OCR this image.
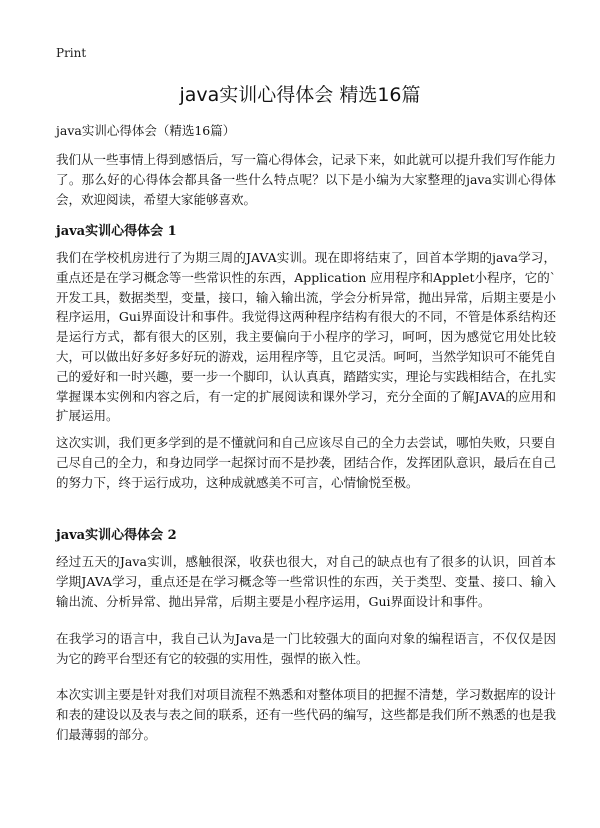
Print
java实训心得体会 精选16篇
java实训心得体会（精选16篇）

我们从一些事情上得到感悟后，写一篇心得体会，记录下来，如此就可以提升我们写作能力了。那么好的心得体会都具备一些什么特点呢？以下是小编为大家整理的java实训心得体会，欢迎阅读，希望大家能够喜欢。

java实训心得体会 1

我们在学校机房进行了为期三周的JAVA实训。现在即将结束了，回首本学期的java学习，重点还是在学习概念等一些常识性的东西，Application 应用程序和Applet小程序，它的`开发工具，数据类型，变量，接口，输入输出流，学会分析异常，抛出异常，后期主要是小程序运用，Gui界面设计和事件。我觉得这两种程序结构有很大的不同，不管是体系结构还是运行方式，都有很大的区别，我主要偏向于小程序的学习，呵呵，因为感觉它用处比较大，可以做出好多好多好玩的游戏，运用程序等，且它灵活。呵呵，当然学知识可不能凭自己的爱好和一时兴趣，要一步一个脚印，认认真真，踏踏实实，理论与实践相结合，在扎实掌握课本实例和内容之后，有一定的扩展阅读和课外学习，充分全面的了解JAVA的应用和扩展运用。

这次实训，我们更多学到的是不懂就问和自己应该尽自己的全力去尝试，哪怕失败，只要自己尽自己的全力，和身边同学一起探讨而不是抄袭，团结合作，发挥团队意识，最后在自己的努力下，终于运行成功，这种成就感美不可言，心情愉悦至极。

java实训心得体会 2

经过五天的Java实训，感触很深，收获也很大，对自己的缺点也有了很多的认识，回首本学期JAVA学习，重点还是在学习概念等一些常识性的东西，关于类型、变量、接口、输入输出流、分析异常、抛出异常，后期主要是小程序运用，Gui界面设计和事件。

在我学习的语言中，我自己认为Java是一门比较强大的面向对象的编程语言，不仅仅是因为它的跨平台型还有它的较强的实用性，强悍的嵌入性。

本次实训主要是针对我们对项目流程不熟悉和对整体项目的把握不清楚，学习数据库的设计和表的建设以及表与表之间的联系，还有一些代码的编写，这些都是我们所不熟悉的也是我们最薄弱的部分。
